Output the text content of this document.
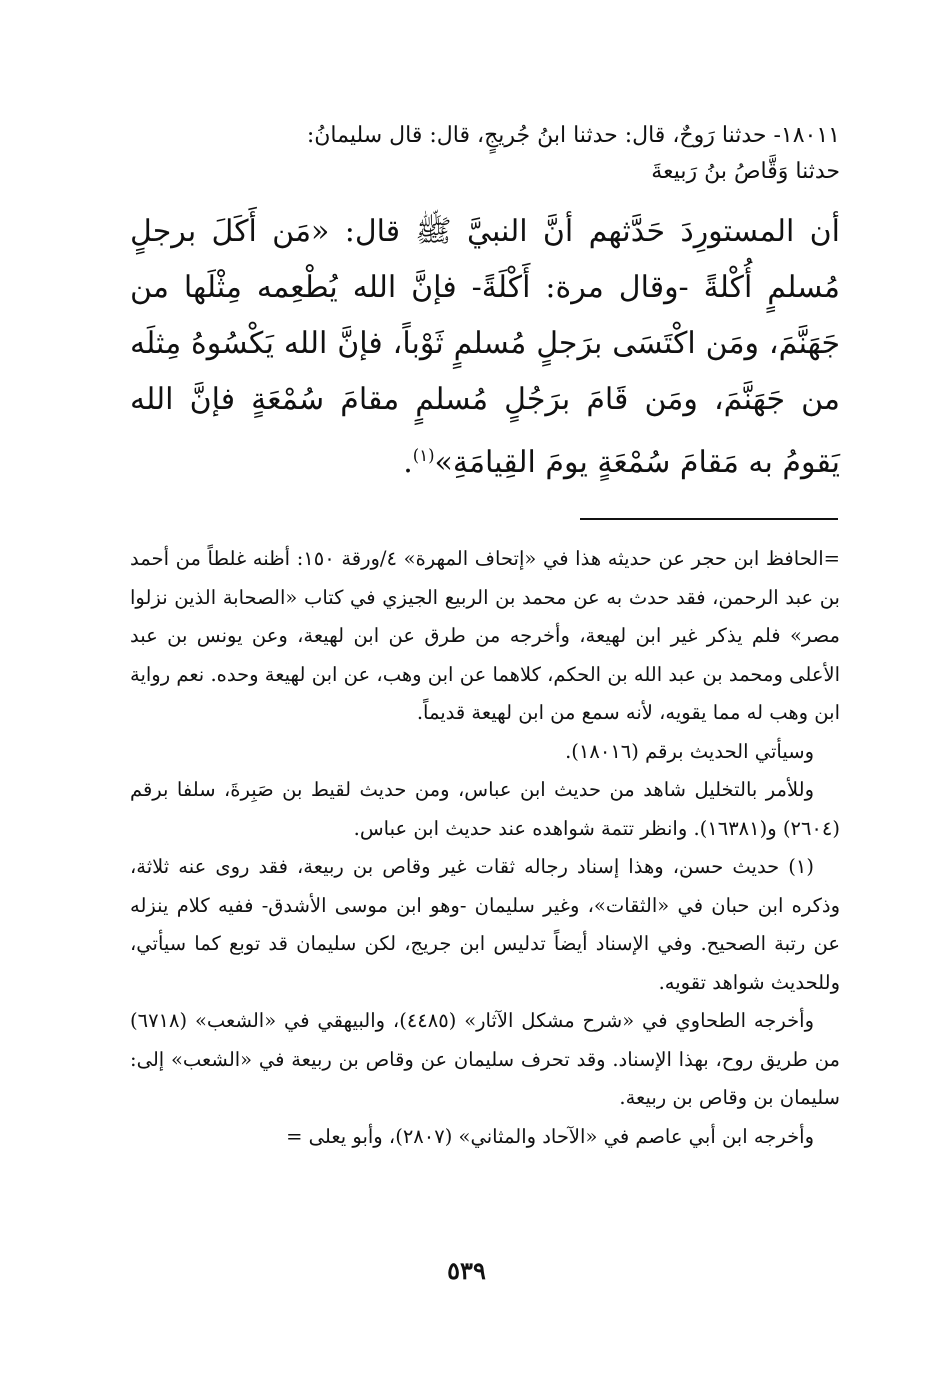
١٨٠١١- حدثنا رَوحٌ، قال: حدثنا ابنُ جُريجٍ، قال: قال سليمانُ:

حدثنا وَقَّاصُ بنُ رَبيعةَ

أن المستورِدَ حَدَّثهم أنَّ النبيَّ ﷺ قال: «مَن أَكَلَ برجلٍ مُسلمٍ أُكْلةً -وقال مرة: أَكْلَةً- فإنَّ الله يُطْعِمه مِثْلَها من جَهَنَّمَ، ومَن اكْتَسَى برَجلٍ مُسلمٍ ثَوْباً، فإنَّ الله يَكْسُوهُ مِثلَه من جَهَنَّمَ، ومَن قَامَ برَجُلٍ مُسلمٍ مقامَ سُمْعَةٍ فإنَّ الله يَقومُ به مَقامَ سُمْعَةٍ يومَ القِيامَةِ»$^{(١)}$.

=الحافظ ابن حجر عن حديثه هذا في «إتحاف المهرة» ٤/ورقة ١٥٠: أظنه غلطاً من أحمد بن عبد الرحمن، فقد حدث به عن محمد بن الربيع الجيزي في كتاب «الصحابة الذين نزلوا مصر» فلم يذكر غير ابن لهيعة، وأخرجه من طرق عن ابن لهيعة، وعن يونس بن عبد الأعلى ومحمد بن عبد الله بن الحكم، كلاهما عن ابن وهب، عن ابن لهيعة وحده. نعم رواية ابن وهب له مما يقويه، لأنه سمع من ابن لهيعة قديماً.

وسيأتي الحديث برقم (١٨٠١٦).

وللأمر بالتخليل شاهد من حديث ابن عباس، ومن حديث لقيط بن صَبِرةَ، سلفا برقم (٢٦٠٤) و(١٦٣٨١). وانظر تتمة شواهده عند حديث ابن عباس.

(١) حديث حسن، وهذا إسناد رجاله ثقات غير وقاص بن ربيعة، فقد روى عنه ثلاثة، وذكره ابن حبان في «الثقات»، وغير سليمان -وهو ابن موسى الأشدق- ففيه كلام ينزله عن رتبة الصحيح. وفي الإسناد أيضاً تدليس ابن جريج، لكن سليمان قد توبع كما سيأتي، وللحديث شواهد تقويه.

وأخرجه الطحاوي في «شرح مشكل الآثار» (٤٤٨٥)، والبيهقي في «الشعب» (٦٧١٨) من طريق روح، بهذا الإسناد. وقد تحرف سليمان عن وقاص بن ربيعة في «الشعب» إلى: سليمان بن وقاص بن ربيعة.

وأخرجه ابن أبي عاصم في «الآحاد والمثاني» (٢٨٠٧)، وأبو يعلى =

٥٣٩
